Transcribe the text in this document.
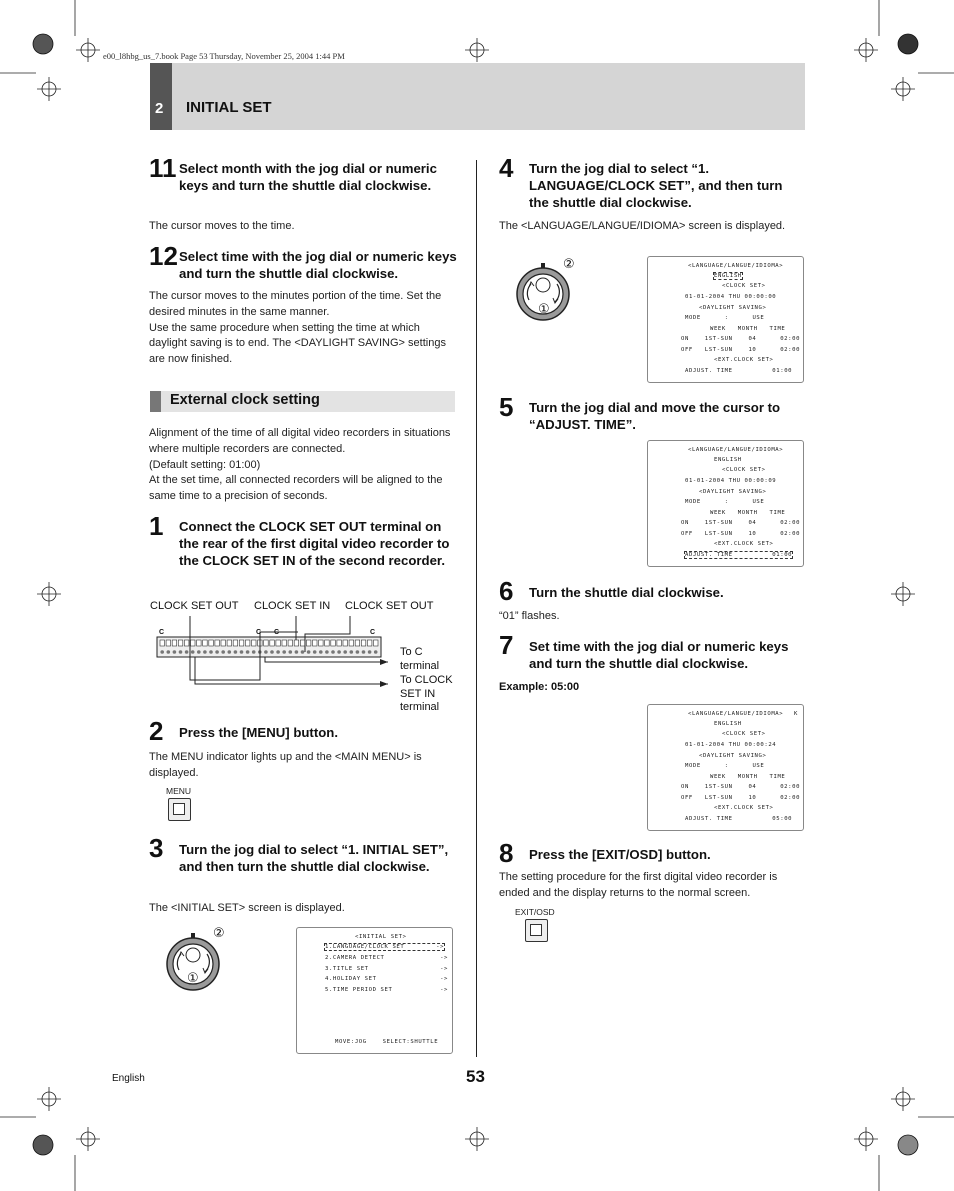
e00_l8hbg_us_7.book Page 53 Thursday, November 25, 2004 1:44 PM
2 INITIAL SET
11 Select month with the jog dial or numeric keys and turn the shuttle dial clockwise.
The cursor moves to the time.
12 Select time with the jog dial or numeric keys and turn the shuttle dial clockwise.
The cursor moves to the minutes portion of the time. Set the desired minutes in the same manner.
Use the same procedure when setting the time at which daylight saving is to end. The <DAYLIGHT SAVING> settings are now finished.
External clock setting
Alignment of the time of all digital video recorders in situations where multiple recorders are connected.
(Default setting: 01:00)
At the set time, all connected recorders will be aligned to the same time to a precision of seconds.
1 Connect the CLOCK SET OUT terminal on the rear of the first digital video recorder to the CLOCK SET IN of the second recorder.
CLOCK SET OUT CLOCK SET IN CLOCK SET OUT
C	C C	C
To C
terminal
To CLOCK
SET IN
terminal
2 Press the [MENU] button.
The MENU indicator lights up and the <MAIN MENU> is displayed.
MENU
3 Turn the jog dial to select “1. INITIAL SET”, and then turn the shuttle dial clockwise.
The <INITIAL SET> screen is displayed.
②
①
<INITIAL SET>
1.LANGUAGE/CLOCK SET        ->
2.CAMERA DETECT              ->
3.TITLE SET                  ->
4.HOLIDAY SET                ->
5.TIME PERIOD SET            ->
MOVE:JOG    SELECT:SHUTTLE
4 Turn the jog dial to select “1. LANGUAGE/CLOCK SET”, and then turn the shuttle dial clockwise.
The <LANGUAGE/LANGUE/IDIOMA> screen is displayed.
②
①
<LANGUAGE/LANGUE/IDIOMA>
ENGLISH
<CLOCK SET>
01-01-2004 THU 00:00:00
<DAYLIGHT SAVING>
MODE      :      USE
WEEK   MONTH   TIME
ON    1ST-SUN    04      02:00
OFF   LST-SUN    10      02:00
<EXT.CLOCK SET>
ADJUST. TIME          01:00
5 Turn the jog dial and move the cursor to “ADJUST. TIME”.
<LANGUAGE/LANGUE/IDIOMA>
ENGLISH
<CLOCK SET>
01-01-2004 THU 00:00:09
<DAYLIGHT SAVING>
MODE      :      USE
WEEK   MONTH   TIME
ON    1ST-SUN    04      02:00
OFF   LST-SUN    10      02:00
<EXT.CLOCK SET>
ADJUST. TIME          01:00
6 Turn the shuttle dial clockwise.
“01” flashes.
7 Set time with the jog dial or numeric keys and turn the shuttle dial clockwise.
Example: 05:00
K
<LANGUAGE/LANGUE/IDIOMA>
ENGLISH
<CLOCK SET>
01-01-2004 THU 00:00:24
<DAYLIGHT SAVING>
MODE      :      USE
WEEK   MONTH   TIME
ON    1ST-SUN    04      02:00
OFF   LST-SUN    10      02:00
<EXT.CLOCK SET>
ADJUST. TIME          05:00
8 Press the [EXIT/OSD] button.
The setting procedure for the first digital video recorder is ended and the display returns to the normal screen.
EXIT/OSD
English	53
